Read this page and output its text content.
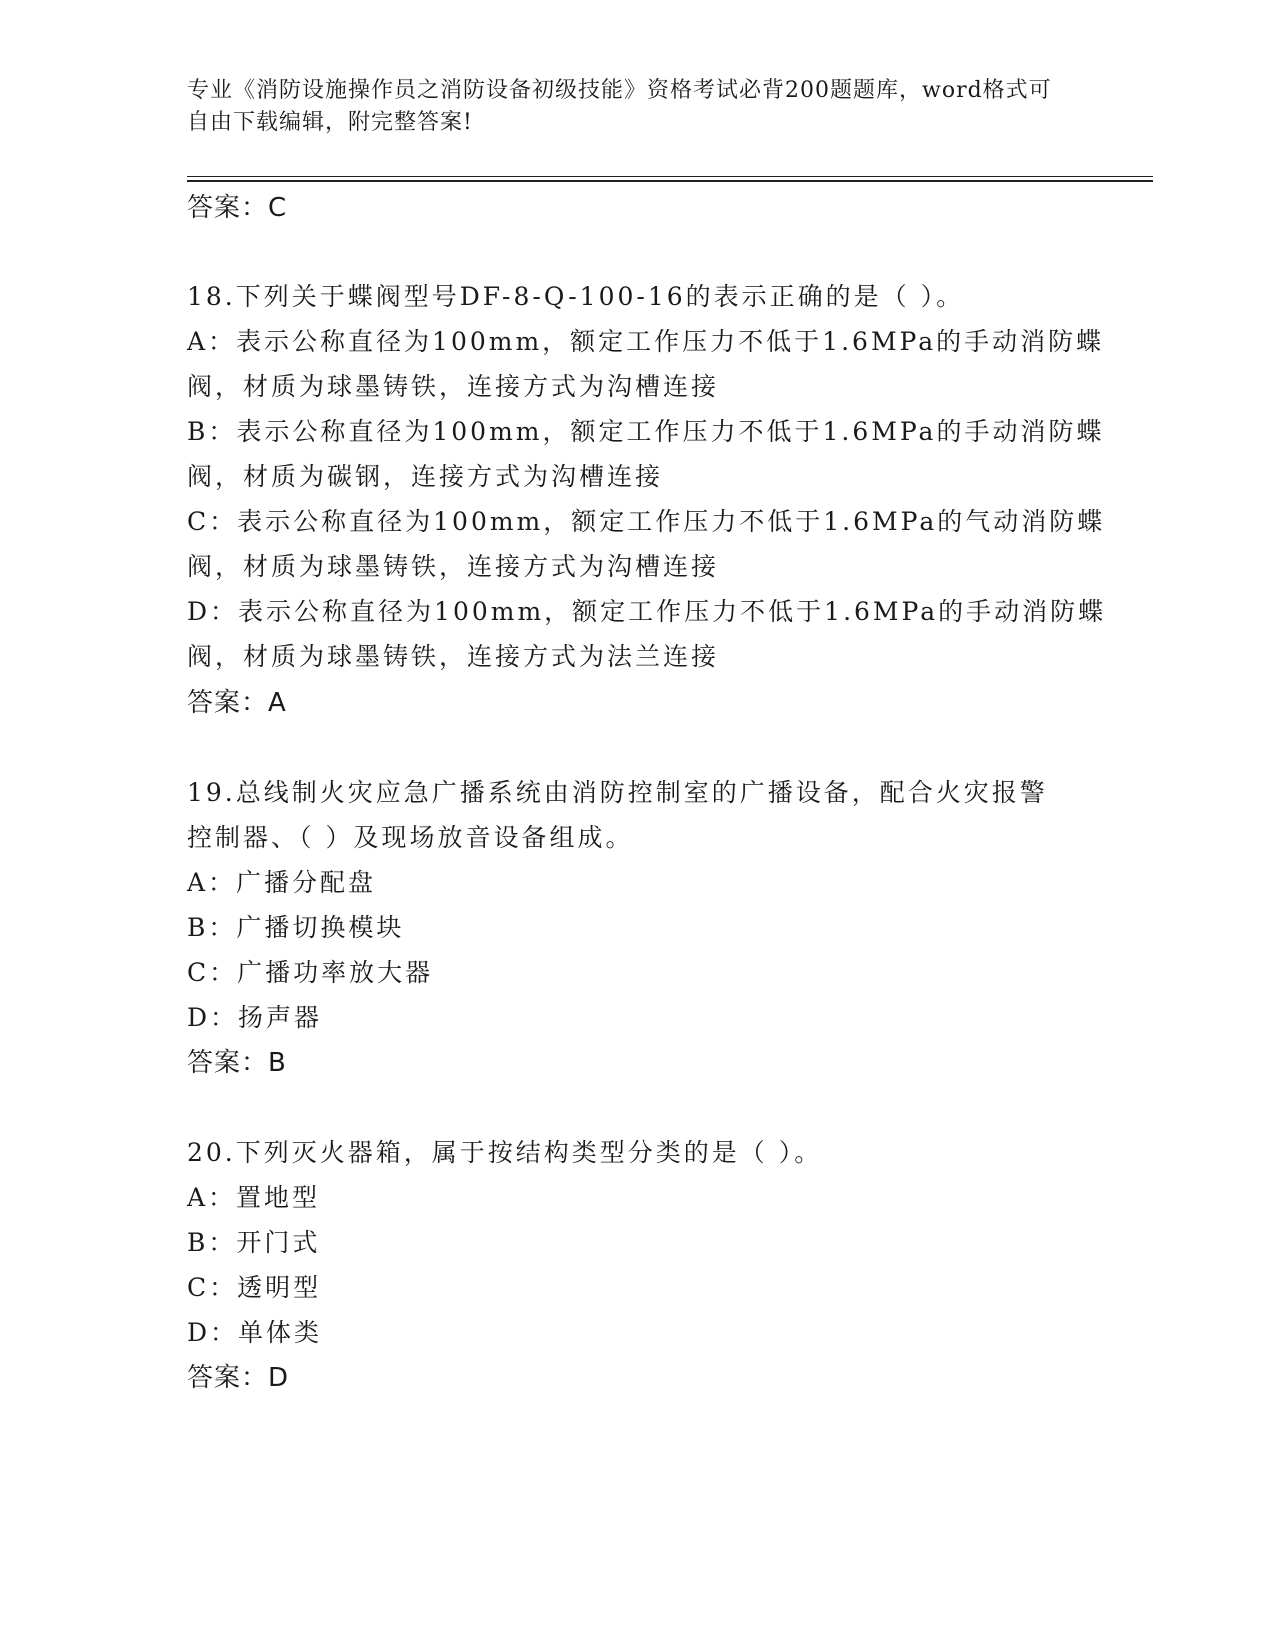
专业《消防设施操作员之消防设备初级技能》资格考试必背200题题库，word格式可自由下载编辑，附完整答案!
答案：C
18.下列关于蝶阀型号DF-8-Q-100-16的表示正确的是（ ）。
A：表示公称直径为100mm，额定工作压力不低于1.6MPa的手动消防蝶
阀，材质为球墨铸铁，连接方式为沟槽连接
B：表示公称直径为100mm，额定工作压力不低于1.6MPa的手动消防蝶
阀，材质为碳钢，连接方式为沟槽连接
C：表示公称直径为100mm，额定工作压力不低于1.6MPa的气动消防蝶
阀，材质为球墨铸铁，连接方式为沟槽连接
D：表示公称直径为100mm，额定工作压力不低于1.6MPa的手动消防蝶
阀，材质为球墨铸铁，连接方式为法兰连接
答案：A
19.总线制火灾应急广播系统由消防控制室的广播设备，配合火灾报警
控制器、（ ）及现场放音设备组成。
A：广播分配盘
B：广播切换模块
C：广播功率放大器
D：扬声器
答案：B
20.下列灭火器箱，属于按结构类型分类的是（ ）。
A：置地型
B：开门式
C：透明型
D：单体类
答案：D
